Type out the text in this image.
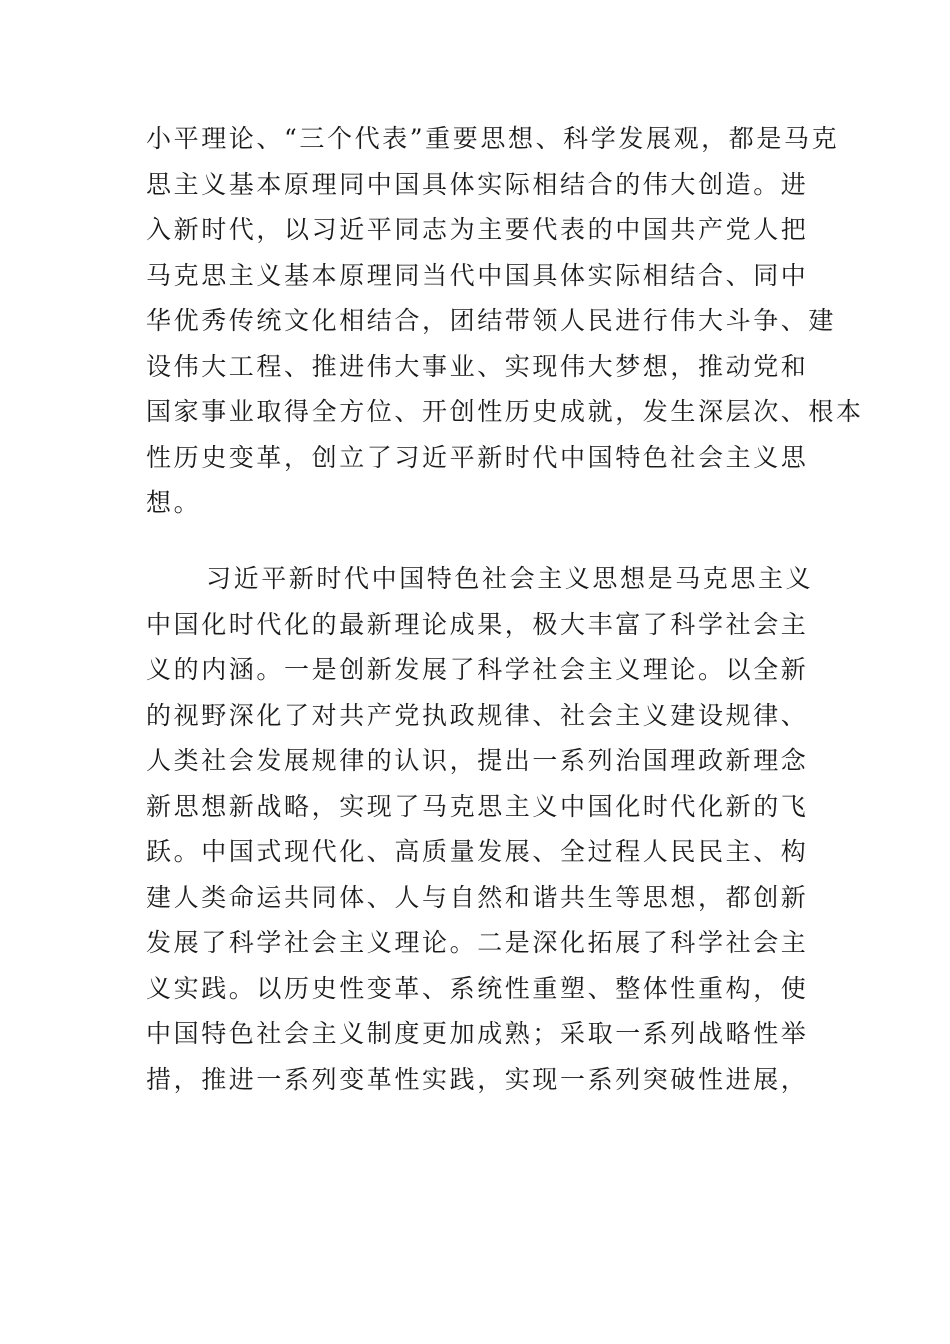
小平理论、“三个代表”重要思想、科学发展观，都是马克
思主义基本原理同中国具体实际相结合的伟大创造。进
入新时代，以习近平同志为主要代表的中国共产党人把
马克思主义基本原理同当代中国具体实际相结合、同中
华优秀传统文化相结合，团结带领人民进行伟大斗争、建
设伟大工程、推进伟大事业、实现伟大梦想，推动党和
国家事业取得全方位、开创性历史成就，发生深层次、根本
性历史变革，创立了习近平新时代中国特色社会主义思
想。
习近平新时代中国特色社会主义思想是马克思主义
中国化时代化的最新理论成果，极大丰富了科学社会主
义的内涵。一是创新发展了科学社会主义理论。以全新
的视野深化了对共产党执政规律、社会主义建设规律、
人类社会发展规律的认识，提出一系列治国理政新理念
新思想新战略，实现了马克思主义中国化时代化新的飞
跃。中国式现代化、高质量发展、全过程人民民主、构
建人类命运共同体、人与自然和谐共生等思想，都创新
发展了科学社会主义理论。二是深化拓展了科学社会主
义实践。以历史性变革、系统性重塑、整体性重构，使
中国特色社会主义制度更加成熟；采取一系列战略性举
措，推进一系列变革性实践，实现一系列突破性进展，
